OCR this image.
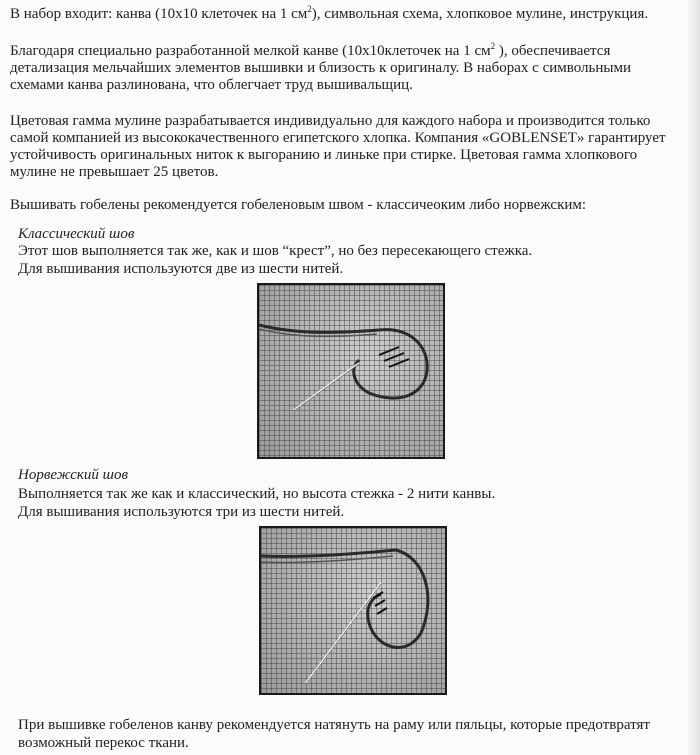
В набор входит: канва (10х10 клеточек на 1 $см^2$), символьная схема, хлопковое мулине, инструкция.
Благодаря специально разработанной мелкой канве (10х10клеточек на 1 $см^2$ ), обеспечивается
детализация мельчайших элементов вышивки и близость к оригиналу. В наборах с символьными
схемами канва разлинована, что облегчает труд вышивальщиц.
Цветовая гамма мулине разрабатывается индивидуально для каждого набора и производится только
самой компанией из высококачественного египетского хлопка. Компания «GOBLENSET» гарантирует
устойчивость оригинальных ниток к выгоранию и линьке при стирке. Цветовая гамма хлопкового
мулине не превышает 25 цветов.
Вышивать гобелены рекомендуется гобеленовым швом - классичеоким либо норвежским:
Классический шов
Этот шов выполняется так же, как и шов “крест”, но без пересекающего стежка.
Для вышивания используются две из шести нитей.
Норвежский шов
Выполняется так же как и классический, но высота стежка - 2 нити канвы.
Для вышивания используются три из шести нитей.
При вышивке гобеленов канву рекомендуется натянуть на раму или пяльцы, которые предотвратят
возможный перекос ткани.
